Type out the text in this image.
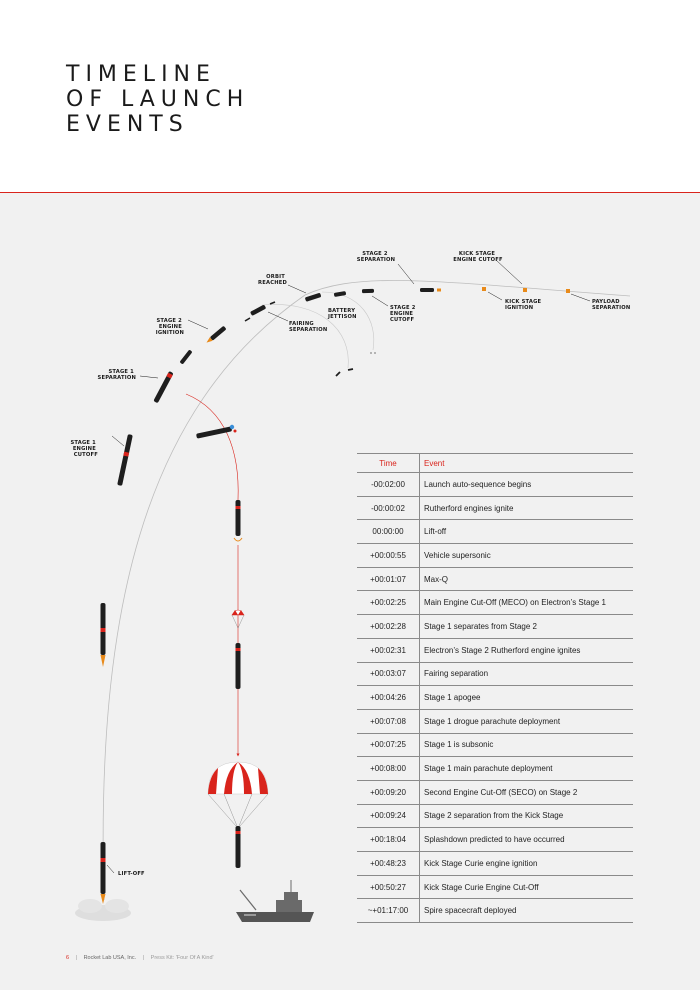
TIMELINE
OF LAUNCH
EVENTS
LIFT-OFF
STAGE 1 ENGINE CUTOFF
STAGE 1 SEPARATION
STAGE 2 ENGINE IGNITION
FAIRING SEPARATION
ORBIT REACHED
BATTERY JETTISON
STAGE 2 ENGINE CUTOFF
STAGE 2 SEPARATION
KICK STAGE ENGINE CUTOFF
KICK STAGE IGNITION
PAYLOAD SEPARATION
Time	Event
-00:02:00	Launch auto-sequence begins
-00:00:02	Rutherford engines ignite
00:00:00	Lift-off
+00:00:55	Vehicle supersonic
+00:01:07	Max-Q
+00:02:25	Main Engine Cut-Off (MECO) on Electron’s Stage 1
+00:02:28	Stage 1 separates from Stage 2
+00:02:31	Electron’s Stage 2 Rutherford engine ignites
+00:03:07	Fairing separation
+00:04:26	Stage 1 apogee
+00:07:08	Stage 1 drogue parachute deployment
+00:07:25	Stage 1 is subsonic
+00:08:00	Stage 1 main parachute deployment
+00:09:20	Second Engine Cut-Off (SECO) on Stage 2
+00:09:24	Stage 2 separation from the Kick Stage
+00:18:04	Splashdown predicted to have occurred
+00:48:23	Kick Stage Curie engine ignition
+00:50:27	Kick Stage Curie Engine Cut-Off
~+01:17:00	Spire spacecraft deployed
6 | Rocket Lab USA, Inc. | Press Kit: 'Four Of A Kind'
